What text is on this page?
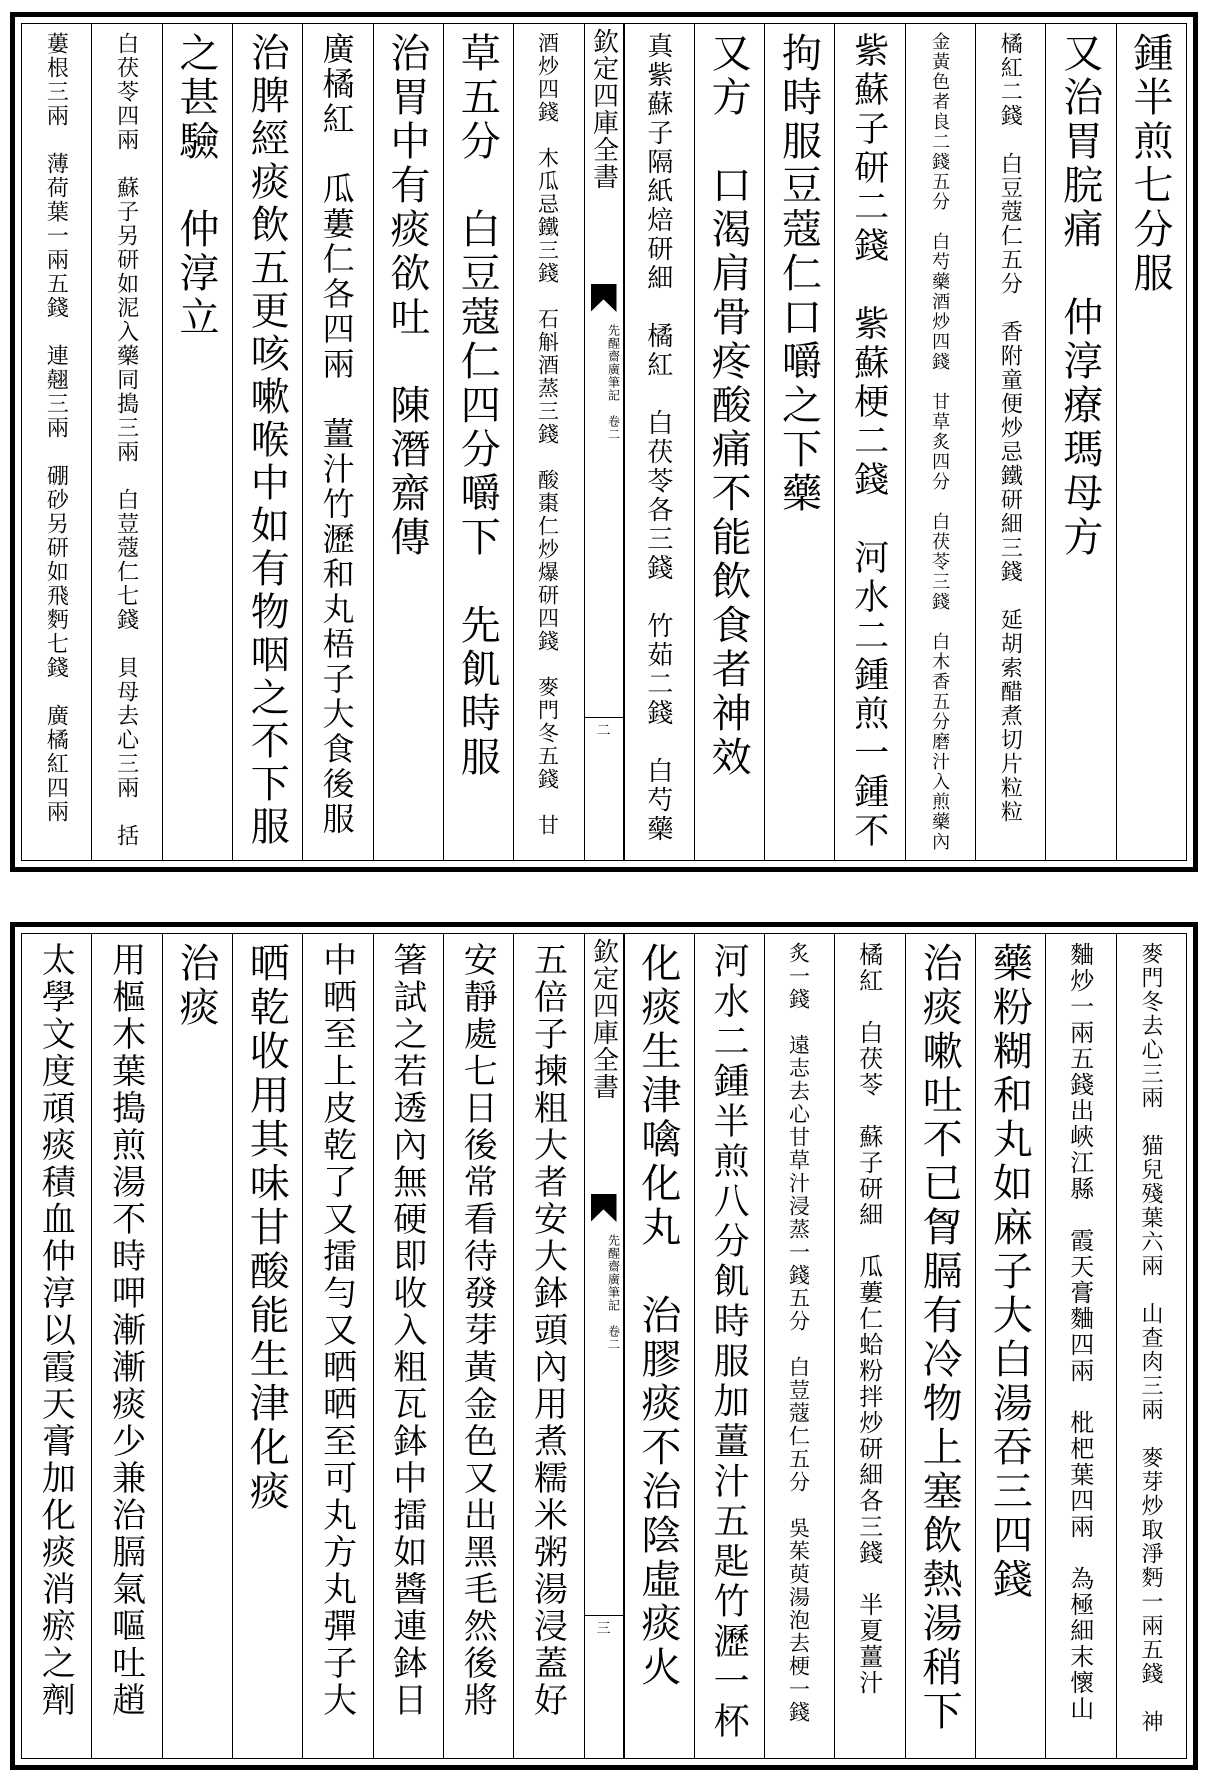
鍾半煎七分服
又治胃脘痛　仲淳療瑪母方
橘紅二錢　白豆蔻仁五分　香附童便炒忌鐵研細三錢　延胡索醋煮切片粒粒
金黃色者良二錢五分　白芍藥酒炒四錢　甘草炙四分　白茯苓三錢　白木香五分磨汁入煎藥內
紫蘇子研二錢　紫蘇梗二錢　河水二鍾煎一鍾不
拘時服豆蔻仁口嚼之下藥
又方　口渴肩骨疼酸痛不能飲食者神效
真紫蘇子隔紙焙研細　橘紅　白茯苓各三錢　竹茹二錢　白芍藥
欽定四庫全書
先醒齋廣筆記　卷二
二
酒炒四錢　木瓜忌鐵三錢　石斛酒蒸三錢　酸棗仁炒爆研四錢　麥門冬五錢　甘
草五分　白豆蔻仁四分嚼下　先飢時服
治胃中有痰欲吐　陳潛齋傳
廣橘紅　瓜蔞仁各四兩　薑汁竹瀝和丸梧子大食後服
治脾經痰飲五更咳嗽喉中如有物咽之不下服
之甚驗　仲淳立
白茯苓四兩　蘇子另研如泥入藥同搗三兩　白荳蔻仁七錢　貝母去心三兩　括
蔞根三兩　薄荷葉一兩五錢　連翹三兩　硼砂另研如飛麪七錢　廣橘紅四兩
麥門冬去心三兩　猫兒殘葉六兩　山查肉三兩　麥芽炒取淨麪一兩五錢　神
麯炒一兩五錢出峽江縣　霞天膏麯四兩　枇杷葉四兩　為極細末懷山
藥粉糊和丸如麻子大白湯吞三四錢
治痰嗽吐不已胷膈有冷物上塞飲熱湯稍下
橘紅　白茯苓　蘇子研細　瓜蔞仁蛤粉拌炒研細各三錢　半夏薑汁
炙一錢　遠志去心甘草汁浸蒸一錢五分　白荳蔻仁五分　吳茱萸湯泡去梗一錢
河水二鍾半煎八分飢時服加薑汁五匙竹瀝一杯
化痰生津噙化丸　治膠痰不治陰虛痰火
欽定四庫全書
先醒齋廣筆記　卷二
三
五倍子揀粗大者安大鉢頭內用煮糯米粥湯浸蓋好
安靜處七日後常看待發芽黃金色又出黑毛然後將
箸試之若透內無硬即收入粗瓦鉢中擂如醬連鉢日
中晒至上皮乾了又擂勻又晒晒至可丸方丸彈子大
晒乾收用其味甘酸能生津化痰
治痰
用樞木葉搗煎湯不時呷漸漸痰少兼治膈氣嘔吐趙
太學文度頑痰積血仲淳以霞天膏加化痰消瘀之劑
